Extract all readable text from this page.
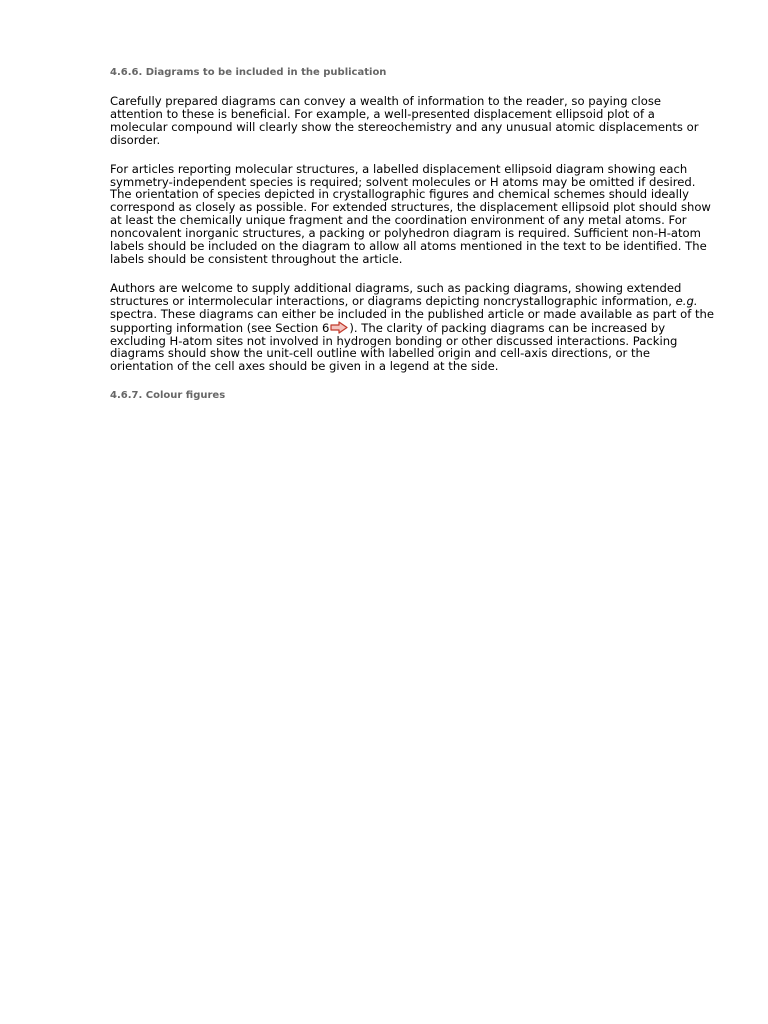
4.6.6. Diagrams to be included in the publication

Carefully prepared diagrams can convey a wealth of information to the reader, so paying close attention to these is beneficial. For example, a well-presented displacement ellipsoid plot of a molecular compound will clearly show the stereochemistry and any unusual atomic displacements or disorder.

For articles reporting molecular structures, a labelled displacement ellipsoid diagram showing each symmetry-independent species is required; solvent molecules or H atoms may be omitted if desired. The orientation of species depicted in crystallographic figures and chemical schemes should ideally correspond as closely as possible. For extended structures, the displacement ellipsoid plot should show at least the chemically unique fragment and the coordination environment of any metal atoms. For noncovalent inorganic structures, a packing or polyhedron diagram is required. Sufficient non-H-atom labels should be included on the diagram to allow all atoms mentioned in the text to be identified. The labels should be consistent throughout the article.

Authors are welcome to supply additional diagrams, such as packing diagrams, showing extended structures or intermolecular interactions, or diagrams depicting noncrystallographic information, e.g. spectra. These diagrams can either be included in the published article or made available as part of the supporting information (see Section 6 ). The clarity of packing diagrams can be increased by excluding H-atom sites not involved in hydrogen bonding or other discussed interactions. Packing diagrams should show the unit-cell outline with labelled origin and cell-axis directions, or the orientation of the cell axes should be given in a legend at the side.

4.6.7. Colour figures
